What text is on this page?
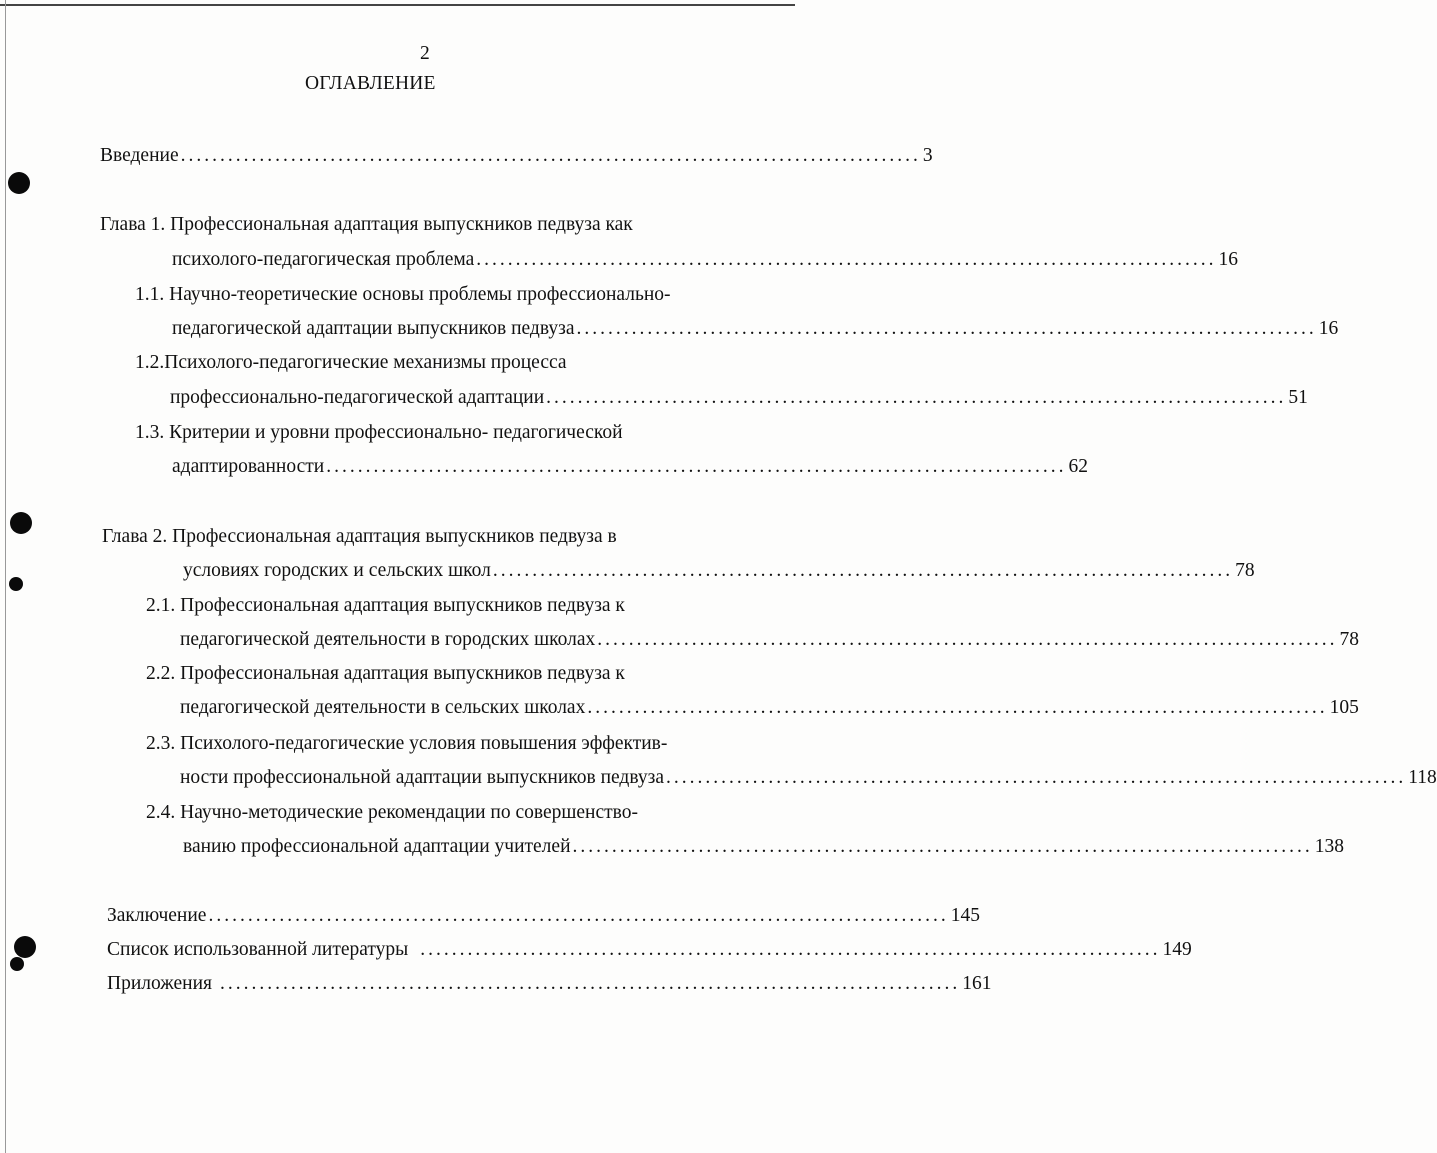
2
ОГЛАВЛЕНИЕ
Введение .............................................................................................. 3
Глава 1. Профессиональная адаптация выпускников педвуза как
психолого-педагогическая проблема .............................................................................................. 16
1.1. Научно-теоретические основы проблемы профессионально-
педагогической адаптации выпускников педвуза .............................................................................................. 16
1.2.Психолого-педагогические механизмы процесса
профессионально-педагогической адаптации .............................................................................................. 51
1.3. Критерии и уровни профессионально- педагогической
адаптированности .............................................................................................. 62
Глава 2. Профессиональная адаптация выпускников педвуза в
условиях городских и сельских школ .............................................................................................. 78
2.1. Профессиональная адаптация выпускников педвуза к
педагогической деятельности в городских школах .............................................................................................. 78
2.2. Профессиональная адаптация выпускников педвуза к
педагогической деятельности в сельских школах .............................................................................................. 105
2.3. Психолого-педагогические условия повышения эффектив-
ности профессиональной адаптации выпускников педвуза .............................................................................................. 118
2.4. Научно-методические рекомендации по совершенство-
ванию профессиональной адаптации учителей .............................................................................................. 138
Заключение .............................................................................................. 145
Список использованной литературы .............................................................................................. 149
Приложения .............................................................................................. 161
